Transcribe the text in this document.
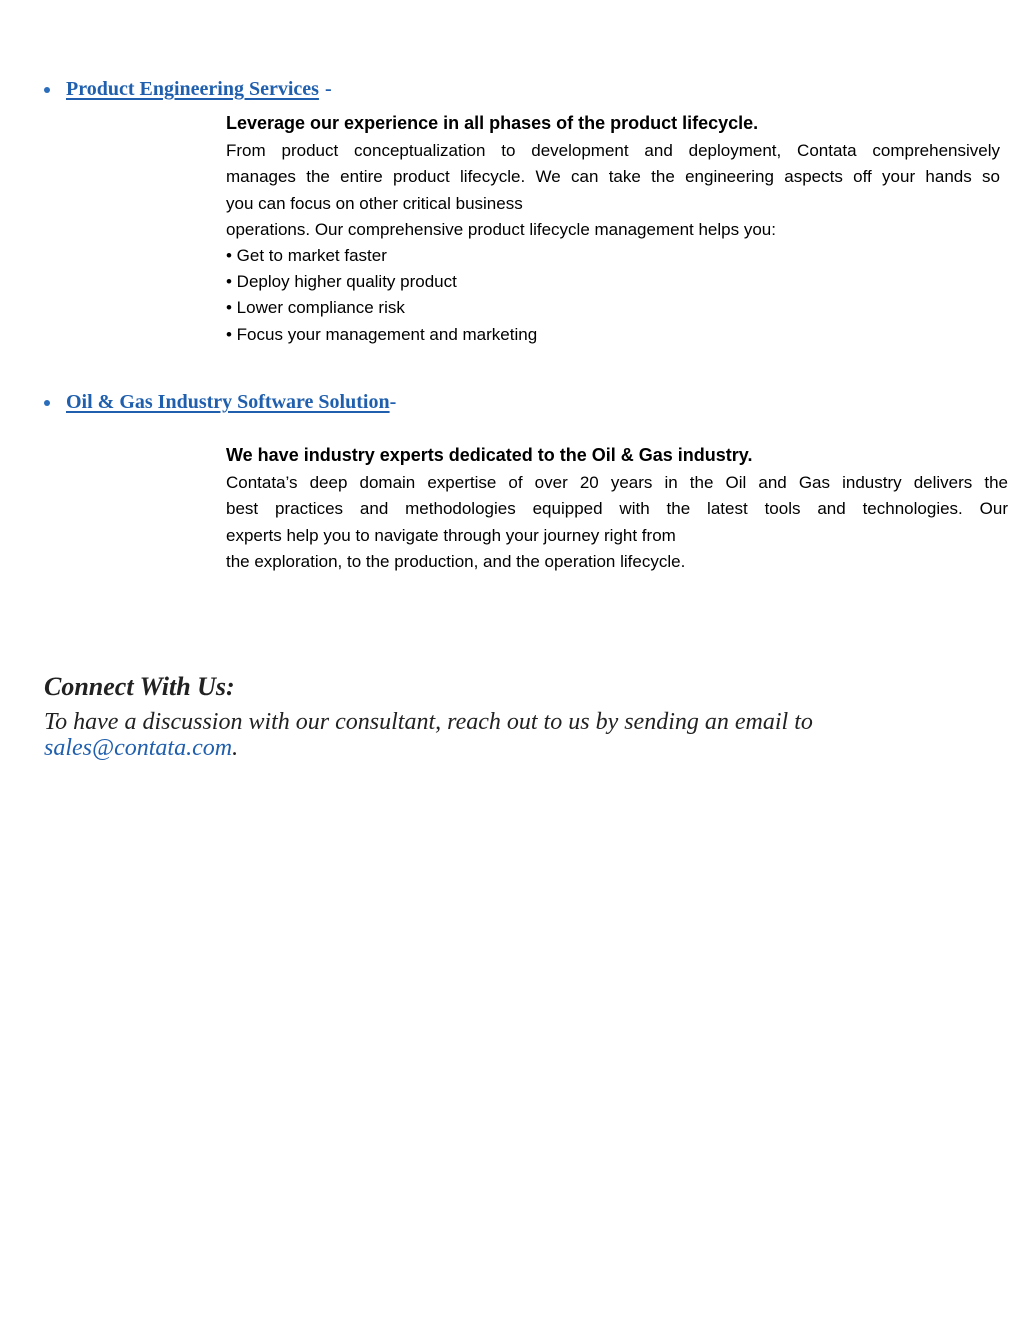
Product Engineering Services -
Leverage our experience in all phases of the product lifecycle.
From product conceptualization to development and deployment, Contata comprehensively
manages the entire product lifecycle. We can take the engineering aspects off your hands so
you can focus on other critical business
operations. Our comprehensive product lifecycle management helps you:
• Get to market faster
• Deploy higher quality product
• Lower compliance risk
• Focus your management and marketing
Oil & Gas Industry Software Solution -
We have industry experts dedicated to the Oil & Gas industry.
Contata’s deep domain expertise of over 20 years in the Oil and Gas industry delivers the
best practices and methodologies equipped with the latest tools and technologies. Our
experts help you to navigate through your journey right from
the exploration, to the production, and the operation lifecycle.
Connect With Us:
To have a discussion with our consultant, reach out to us by sending an email to
sales@contata.com.
